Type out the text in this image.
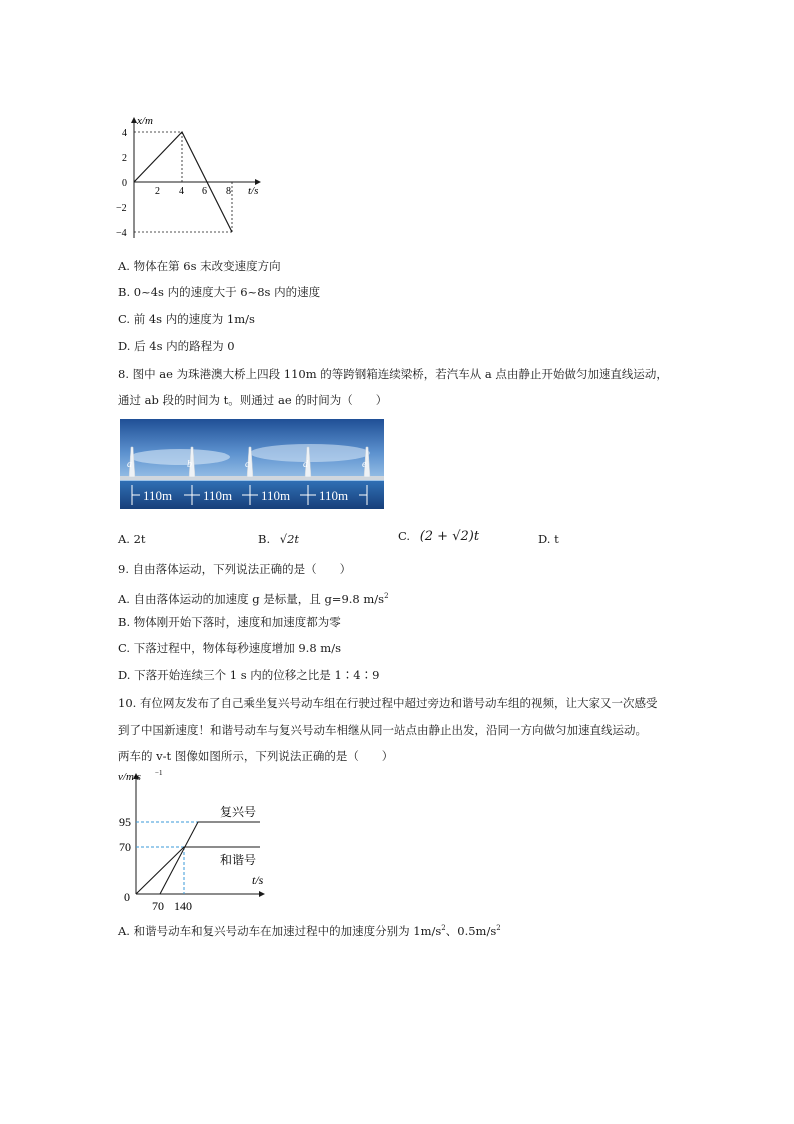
x/m
t/s
2 4 6 8
4
2
0
−2
−4
A. 物体在第 6s 末改变速度方向
B. 0~4s 内的速度大于 6~8s 内的速度
C. 前 4s 内的速度为 1m/s
D. 后 4s 内的路程为 0
8. 图中 ae 为珠港澳大桥上四段 110m 的等跨钢箱连续梁桥，若汽车从 a 点由静止开始做匀加速直线运动，
通过 ab 段的时间为 t。则通过 ae 的时间为（　　）
a	b	c	d	e
110m 110m 110m 110m
A. 2t	B. √2t	C. (2 + √2)t	D. t
9. 自由落体运动，下列说法正确的是（　　）
A. 自由落体运动的加速度 g 是标量，且 g=9.8 $m/s^2$
B. 物体刚开始下落时，速度和加速度都为零
C. 下落过程中，物体每秒速度增加 9.8 m/s
D. 下落开始连续三个 1 s 内的位移之比是 1∶4∶9
10. 有位网友发布了自己乘坐复兴号动车组在行驶过程中超过旁边和谐号动车组的视频，让大家又一次感受
到了中国新速度！和谐号动车与复兴号动车相继从同一站点由静止出发，沿同一方向做匀加速直线运动。
两车的 v-t 图像如图所示，下列说法正确的是（　　）
v/m·s −1
t/s
95
70
0
70 140
复兴号
和谐号
A. 和谐号动车和复兴号动车在加速过程中的加速度分别为 $1m/s^2$、$0.5m/s^2$
